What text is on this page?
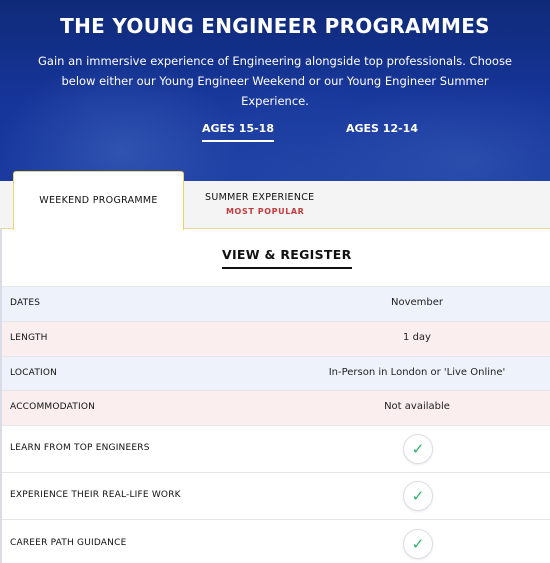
THE YOUNG ENGINEER PROGRAMMES
Gain an immersive experience of Engineering alongside top professionals. Choose
below either our Young Engineer Weekend or our Young Engineer Summer Experience.
AGES 15-18	AGES 12-14
WEEKEND PROGRAMME	SUMMER EXPERIENCE
MOST POPULAR
VIEW & REGISTER
DATES	November
LENGTH	1 day
LOCATION	In-Person in London or 'Live Online'
ACCOMMODATION	Not available
LEARN FROM TOP ENGINEERS	✓
EXPERIENCE THEIR REAL-LIFE WORK	✓
CAREER PATH GUIDANCE	✓
